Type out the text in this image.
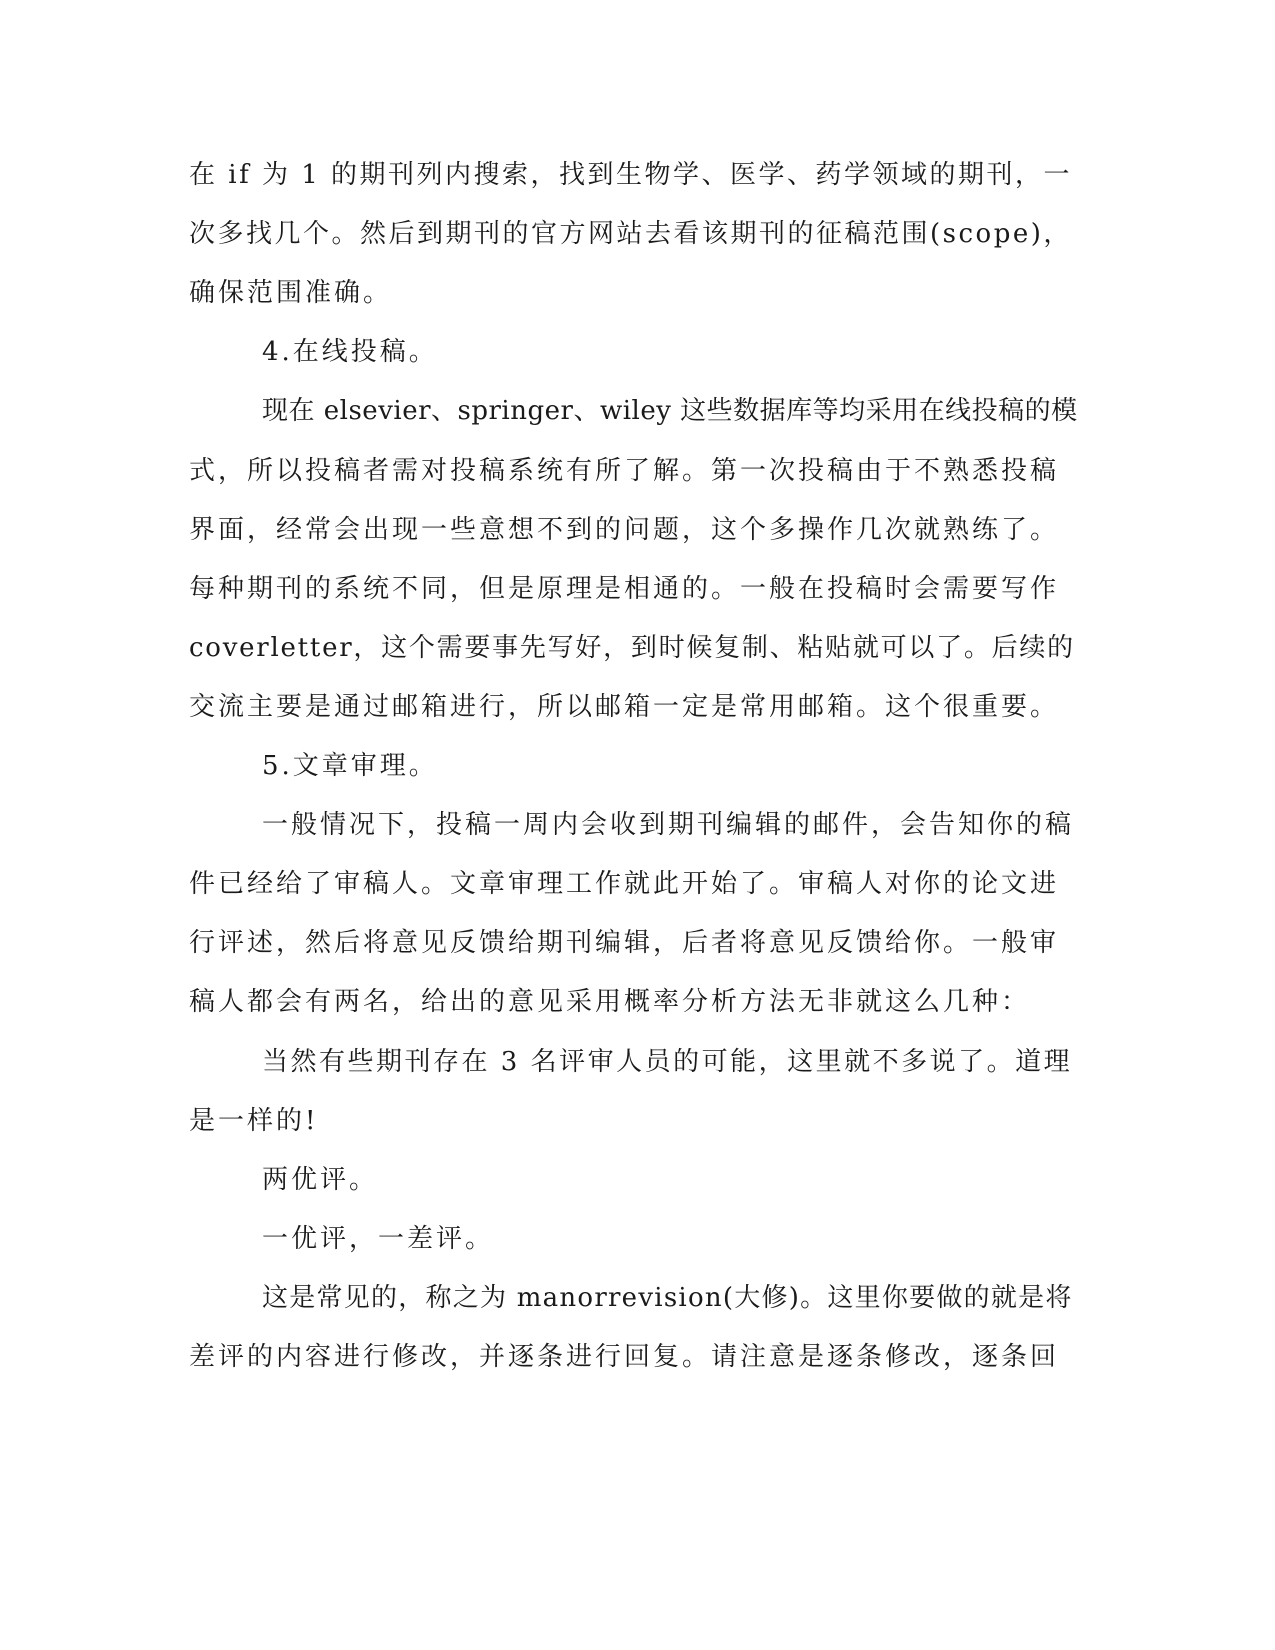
在 if 为 1 的期刊列内搜索，找到生物学、医学、药学领域的期刊，一
次多找几个。然后到期刊的官方网站去看该期刊的征稿范围(scope)，
确保范围准确。
4.在线投稿。
现在 elsevier、springer、wiley 这些数据库等均采用在线投稿的模
式，所以投稿者需对投稿系统有所了解。第一次投稿由于不熟悉投稿
界面，经常会出现一些意想不到的问题，这个多操作几次就熟练了。
每种期刊的系统不同，但是原理是相通的。一般在投稿时会需要写作
coverletter，这个需要事先写好，到时候复制、粘贴就可以了。后续的
交流主要是通过邮箱进行，所以邮箱一定是常用邮箱。这个很重要。
5.文章审理。
一般情况下，投稿一周内会收到期刊编辑的邮件，会告知你的稿
件已经给了审稿人。文章审理工作就此开始了。审稿人对你的论文进
行评述，然后将意见反馈给期刊编辑，后者将意见反馈给你。一般审
稿人都会有两名，给出的意见采用概率分析方法无非就这么几种：
当然有些期刊存在 3 名评审人员的可能，这里就不多说了。道理
是一样的!
两优评。
一优评，一差评。
这是常见的，称之为 manorrevision(大修)。这里你要做的就是将
差评的内容进行修改，并逐条进行回复。请注意是逐条修改，逐条回
